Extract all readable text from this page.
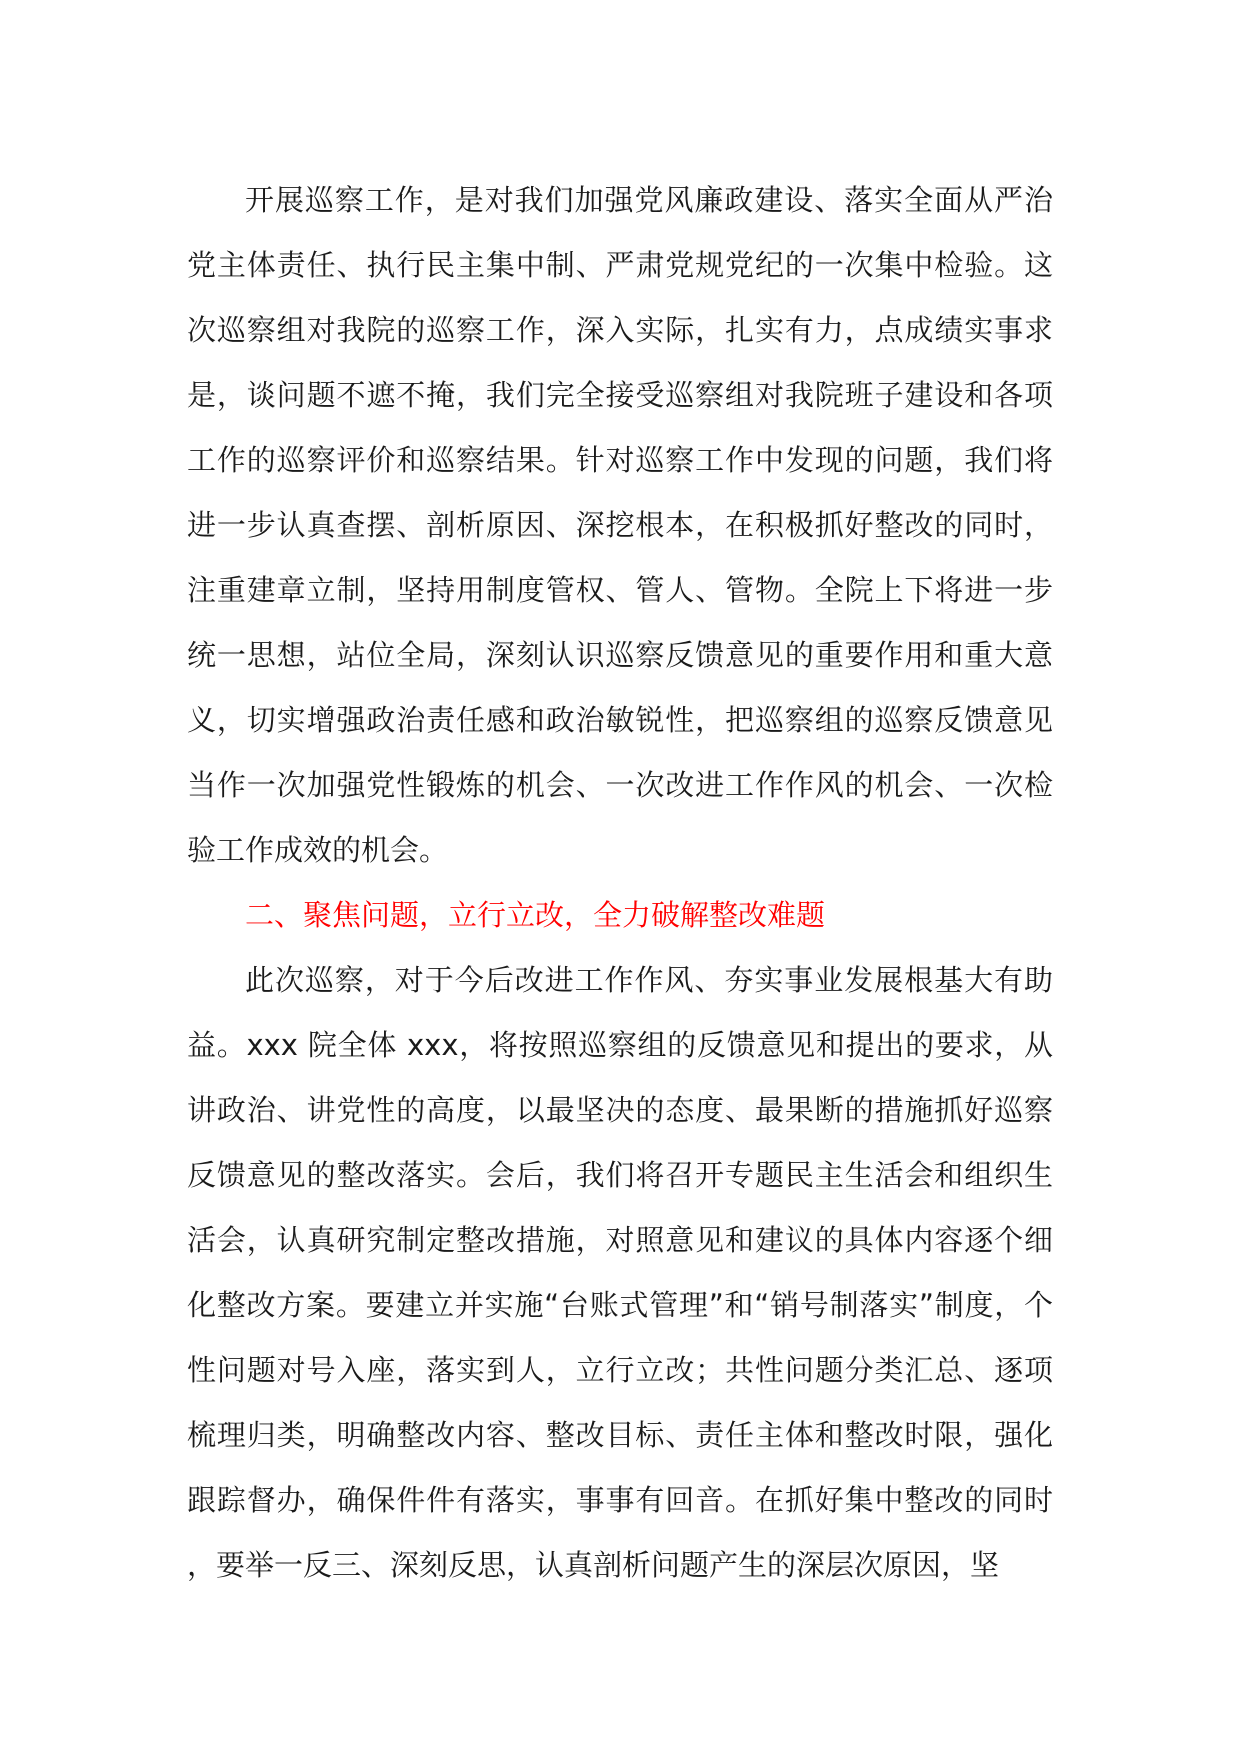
开展巡察工作，是对我们加强党风廉政建设、落实全面从严治党主体责任、执行民主集中制、严肃党规党纪的一次集中检验。这次巡察组对我院的巡察工作，深入实际，扎实有力，点成绩实事求是，谈问题不遮不掩，我们完全接受巡察组对我院班子建设和各项工作的巡察评价和巡察结果。针对巡察工作中发现的问题，我们将进一步认真查摆、剖析原因、深挖根本，在积极抓好整改的同时，注重建章立制，坚持用制度管权、管人、管物。全院上下将进一步统一思想，站位全局，深刻认识巡察反馈意见的重要作用和重大意义，切实增强政治责任感和政治敏锐性，把巡察组的巡察反馈意见当作一次加强党性锻炼的机会、一次改进工作作风的机会、一次检验工作成效的机会。

二、聚焦问题，立行立改，全力破解整改难题

此次巡察，对于今后改进工作作风、夯实事业发展根基大有助益。xxx 院全体 xxx，将按照巡察组的反馈意见和提出的要求，从讲政治、讲党性的高度，以最坚决的态度、最果断的措施抓好巡察反馈意见的整改落实。会后，我们将召开专题民主生活会和组织生活会，认真研究制定整改措施，对照意见和建议的具体内容逐个细化整改方案。要建立并实施“台账式管理”和“销号制落实”制度，个性问题对号入座，落实到人，立行立改；共性问题分类汇总、逐项梳理归类，明确整改内容、整改目标、责任主体和整改时限，强化跟踪督办，确保件件有落实，事事有回音。在抓好集中整改的同时，要举一反三、深刻反思，认真剖析问题产生的深层次原因，坚
